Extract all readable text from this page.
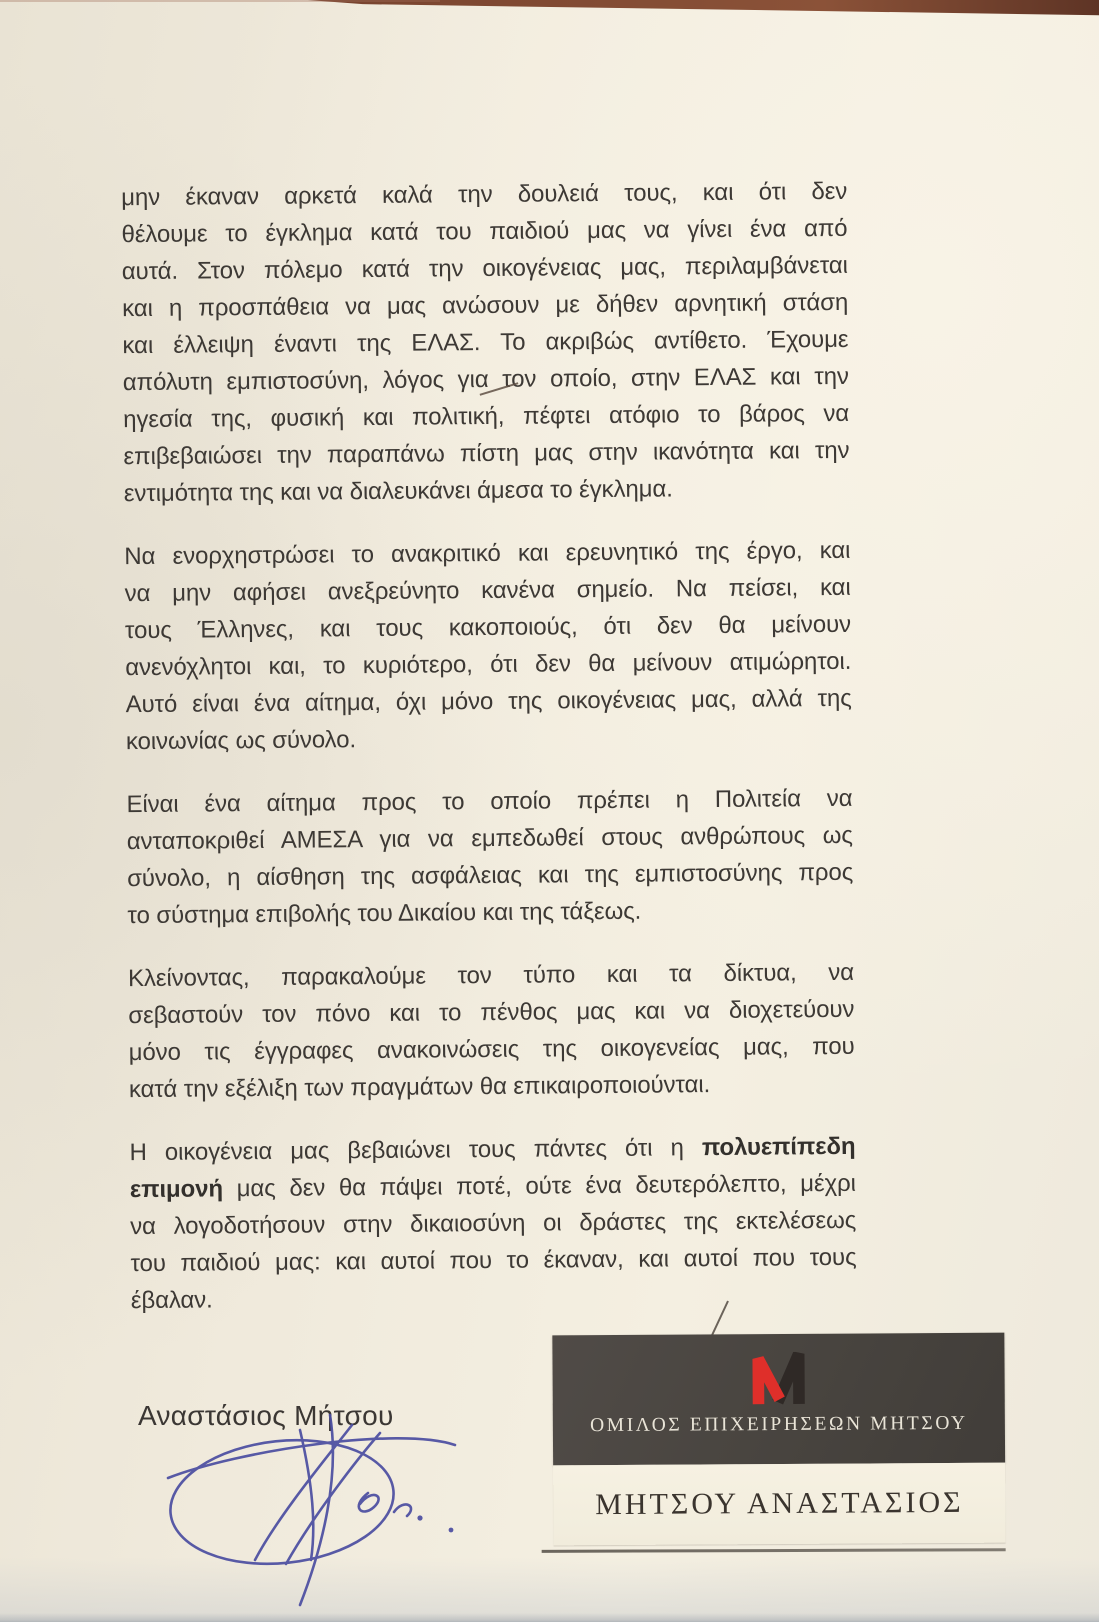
μην έκαναν αρκετά καλά την δουλειά τους, και ότι δεν
θέλουμε το έγκλημα κατά του παιδιού μας να γίνει ένα από
αυτά. Στον πόλεμο κατά την οικογένειας μας, περιλαμβάνεται
και η προσπάθεια να μας ανώσουν με δήθεν αρνητική στάση
και έλλειψη έναντι της ΕΛΑΣ. Το ακριβώς αντίθετο. Έχουμε
απόλυτη εμπιστοσύνη, λόγος για τον οποίο, στην ΕΛΑΣ και την
ηγεσία της, φυσική και πολιτική, πέφτει ατόφιο το βάρος να
επιβεβαιώσει την παραπάνω πίστη μας στην ικανότητα και την
εντιμότητα της και να διαλευκάνει άμεσα το έγκλημα.
Να ενορχηστρώσει το ανακριτικό και ερευνητικό της έργο, και
να μην αφήσει ανεξρεύνητο κανένα σημείο. Να πείσει, και
τους Έλληνες, και τους κακοποιούς, ότι δεν θα μείνουν
ανενόχλητοι και, το κυριότερο, ότι δεν θα μείνουν ατιμώρητοι.
Αυτό είναι ένα αίτημα, όχι μόνο της οικογένειας μας, αλλά της
κοινωνίας ως σύνολο.
Είναι ένα αίτημα προς το οποίο πρέπει η Πολιτεία να
ανταποκριθεί ΑΜΕΣΑ για να εμπεδωθεί στους ανθρώπους ως
σύνολο, η αίσθηση της ασφάλειας και της εμπιστοσύνης προς
το σύστημα επιβολής του Δικαίου και της τάξεως.
Κλείνοντας, παρακαλούμε τον τύπο και τα δίκτυα, να
σεβαστούν τον πόνο και το πένθος μας και να διοχετεύουν
μόνο τις έγγραφες ανακοινώσεις της οικογενείας μας, που
κατά την εξέλιξη των πραγμάτων θα επικαιροποιούνται.
Η οικογένεια μας βεβαιώνει τους πάντες ότι η πολυεπίπεδη
επιμονή μας δεν θα πάψει ποτέ, ούτε ένα δευτερόλεπτο, μέχρι
να λογοδοτήσουν στην δικαιοσύνη οι δράστες της εκτελέσεως
του παιδιού μας: και αυτοί που το έκαναν, και αυτοί που τους
έβαλαν.
Αναστάσιος Μήτσου	ΟΜΙΛΟΣ ΕΠΙΧΕΙΡΗΣΕΩΝ ΜΗΤΣΟΥ
ΜΗΤΣΟΥ ΑΝΑΣΤΑΣΙΟΣ
